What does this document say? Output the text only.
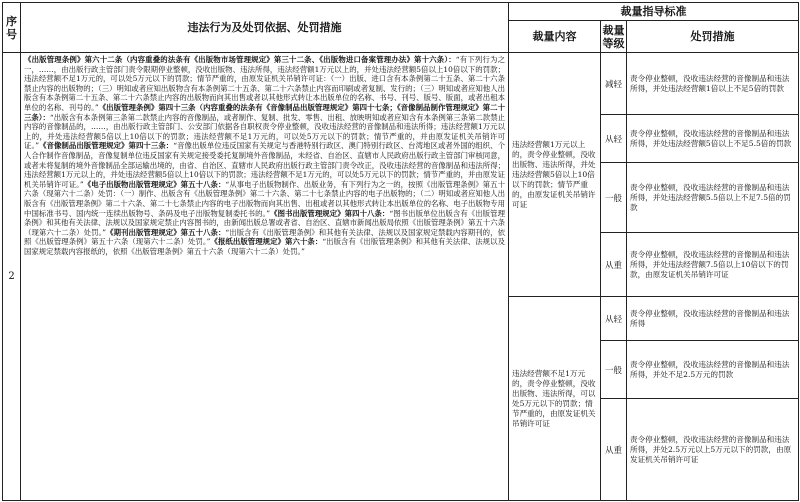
序号	违法行为及处罚依据、处罚措施	裁量指导标准		
		裁量内容	裁量等级	处罚措施
2	《出版管理条例》第六十二条（内容重叠的法条有《出版物市场管理规定》第三十二条、《出版物进口备案管理办法》第十六条）：“有下列行为之一，……，由出版行政主管部门责令限期停业整顿，没收出版物、违法所得，违法经营额1万元以上的，并处违法经营额5倍以上10倍以下的罚款；违法经营额不足1万元的，可以处5万元以下的罚款；情节严重的，由原发证机关吊销许可证：（一）出版、进口含有本条例第二十五条、第二十六条禁止内容的出版物的；（三）明知或者应知出版物含有本条例第二十五条、第二十六条禁止内容而印刷或者复制、发行的；（三）明知或者应知他人出版含有本条例第二十五条、第二十六条禁止内容的出版物而向其出售或者以其他形式转让本出版单位的名称、书号、刊号、版号、版面，或者出租本单位的名称、刊号的。”《出版管理条例》第四十三条（内容重叠的法条有《音像制品出版管理规定》第四十七条；《音像制品制作管理规定》第二十三条）：“出版含有本条例第三条第二款禁止内容的音像制品，或者制作、复制、批发、零售、出租、放映明知或者应知含有本条例第三条第二款禁止内容的音像制品的，……，由出版行政主管部门、公安部门依据各自职权责令停业整顿，没收违法经营的音像制品和违法所得；违法经营额1万元以上的，并处违法经营额5倍以上10倍以下的罚款；违法经营额不足1万元的，可以处5万元以下的罚款；情节严重的，并由原发证机关吊销许可证。”《音像制品出版管理规定》第四十三条：“音像出版单位违反国家有关规定与香港特别行政区、澳门特别行政区、台湾地区或者外国的组织、个人合作制作音像制品，音像复制单位违反国家有关规定接受委托复制境外音像制品，未经省、自治区、直辖市人民政府出版行政主管部门审核同意，或者未将复制的境外音像制品全部运输出境的，由省、自治区、直辖市人民政府出版行政主管部门责令改正，没收违法经营的音像制品和违法所得；违法经营额1万元以上的，并处违法经营额5倍以上10倍以下的罚款；违法经营额不足1万元的，可以处5万元以下的罚款；情节严重的，并由原发证机关吊销许可证。”《电子出版物出版管理规定》第五十八条：“从事电子出版物制作、出版业务，有下列行为之一的，按照《出版管理条例》第五十六条（现第六十二条）处罚：（一）制作、出版含有《出版管理条例》第二十六条、第二十七条禁止内容的电子出版物的；（二）明知或者应知他人出版含有《出版管理条例》第二十六条、第二十七条禁止内容的电子出版物而向其出售、出租或者以其他形式转让本出版单位的名称、电子出版物专用中国标准书号、国内统一连续出版物号、条码及电子出版物复制委托书的。”《图书出版管理规定》第四十八条：“图书出版单位出版含有《出版管理条例》和其他有关法律、法规以及国家规定禁止内容图书的，由新闻出版总署或者省、自治区、直辖市新闻出版局依照《出版管理条例》第五十六条（现第六十二条）处罚。”《期刊出版管理规定》第五十八条：“出版含有《出版管理条例》和其他有关法律、法规以及国家规定禁载内容期刊的，依照《出版管理条例》第五十六条（现第六十二条）处罚。”《报纸出版管理规定》第六十条：“出版含有《出版管理条例》和其他有关法律、法规以及国家规定禁载内容报纸的，依照《出版管理条例》第五十六条（现第六十二条）处罚。”	违法经营额1万元以上的，责令停业整顿，没收出版物、违法所得，并处违法经营额5倍以上10倍以下的罚款；情节严重的，由原发证机关吊销许可证	减轻	责令停业整顿，没收违法经营的音像制品和违法所得，并处违法经营额1倍以上不足5倍的罚款
			从轻	责令停业整顿，没收违法经营的音像制品和违法所得，并处违法经营额5倍以上不足5.5倍的罚款
			一般	责令停业整顿，没收违法经营的音像制品和违法所得，并处违法经营额5.5倍以上不足7.5倍的罚款
			从重	责令停业整顿，没收违法经营的音像制品和违法所得，并处违法经营额7.5倍以上10倍以下的罚款，由原发证机关吊销许可证
		违法经营额不足1万元的，责令停业整顿，没收出版物、违法所得，可以处5万元以下的罚款；情节严重的，由原发证机关吊销许可证	从轻	责令停业整顿，没收违法经营的音像制品和违法所得
			一般	责令停业整顿，没收违法经营的音像制品和违法所得，并处不足2.5万元的罚款
			从重	责令停业整顿，没收违法经营的音像制品和违法所得，并处2.5万元以上5万元以下的罚款，由原发证机关吊销许可证
